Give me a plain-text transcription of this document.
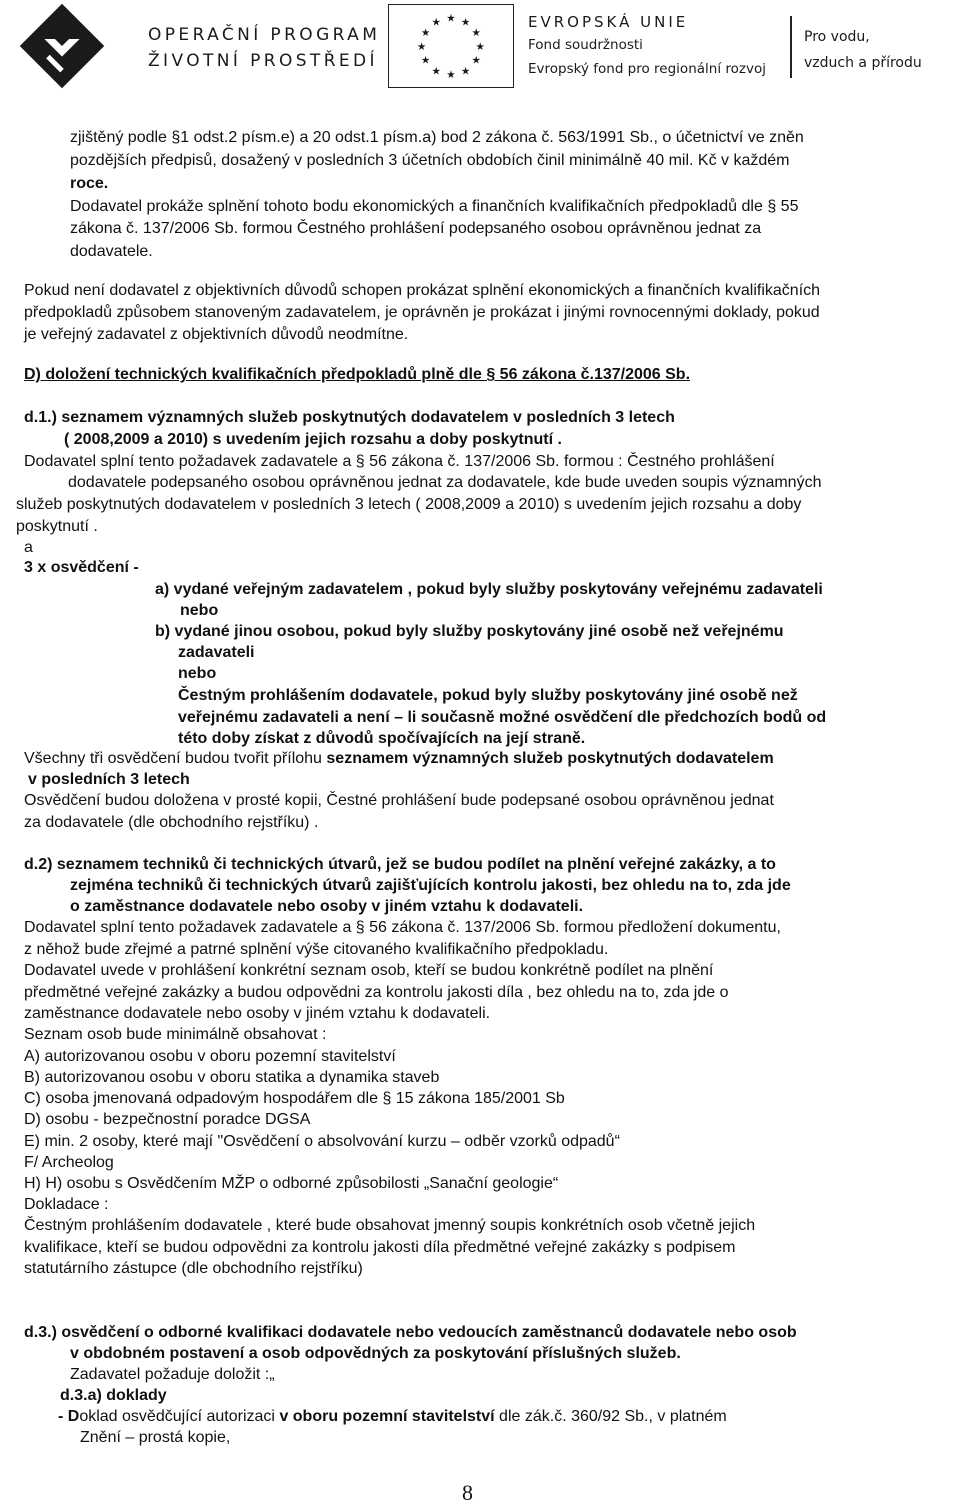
OPERAČNÍ PROGRAM
ŽIVOTNÍ PROSTŘEDÍ
★ ★
★
★
★
★
★
★
★
★
★
★	EVROPSKÁ UNIE
Fond soudržnosti
Evropský fond pro regionální rozvoj
Pro vodu,
vzduch a přírodu
zjištěný podle §1 odst.2 písm.e) a 20 odst.1 písm.a) bod 2 zákona č. 563/1991 Sb., o účetnictví ve zněn
pozdějších předpisů, dosažený v posledních 3 účetních obdobích činil minimálně 40 mil. Kč v každém
roce.
Dodavatel prokáže splnění tohoto bodu ekonomických a finančních kvalifikačních předpokladů dle § 55
zákona č. 137/2006 Sb. formou Čestného prohlášení podepsaného osobou oprávněnou jednat za
dodavatele.
Pokud není dodavatel z objektivních důvodů schopen prokázat splnění ekonomických a finančních kvalifikačních
předpokladů způsobem stanoveným zadavatelem, je oprávněn je prokázat i jinými rovnocennými doklady, pokud
je veřejný zadavatel z objektivních důvodů neodmítne.
D) doložení technických kvalifikačních předpokladů plně dle § 56 zákona č.137/2006 Sb.
d.1.) seznamem významných služeb poskytnutých dodavatelem v posledních 3 letech
( 2008,2009 a 2010) s uvedením jejich rozsahu a doby poskytnutí .
Dodavatel splní tento požadavek zadavatele a § 56 zákona č. 137/2006 Sb. formou : Čestného prohlášení
dodavatele podepsaného osobou oprávněnou jednat za dodavatele, kde bude uveden soupis významných
služeb poskytnutých dodavatelem v posledních 3 letech ( 2008,2009 a 2010) s uvedením jejich rozsahu a doby
poskytnutí .
a
3 x osvědčení -
a) vydané veřejným zadavatelem , pokud byly služby poskytovány veřejnému zadavateli
nebo
b) vydané jinou osobou, pokud byly služby poskytovány jiné osobě než veřejnému
zadavateli
nebo
Čestným prohlášením dodavatele, pokud byly služby poskytovány jiné osobě než
veřejnému zadavateli a není – li současně možné osvědčení dle předchozích bodů od
této doby získat z důvodů spočívajících na její straně.
Všechny tři osvědčení budou tvořit přílohu seznamem významných služeb poskytnutých dodavatelem
v posledních 3 letech
Osvědčení budou doložena v prosté kopii, Čestné prohlášení bude podepsané osobou oprávněnou jednat
za dodavatele (dle obchodního rejstříku) .
d.2) seznamem techniků či technických útvarů, jež se budou podílet na plnění veřejné zakázky, a to
zejména techniků či technických útvarů zajišťujících kontrolu jakosti, bez ohledu na to, zda jde
o zaměstnance dodavatele nebo osoby v jiném vztahu k dodavateli.
Dodavatel splní tento požadavek zadavatele a § 56 zákona č. 137/2006 Sb. formou předložení dokumentu,
z něhož bude zřejmé a patrné splnění výše citovaného kvalifikačního předpokladu.
Dodavatel uvede v prohlášení konkrétní seznam osob, kteří se budou konkrétně podílet na plnění
předmětné veřejné zakázky a budou odpovědni za kontrolu jakosti díla , bez ohledu na to, zda jde o
zaměstnance dodavatele nebo osoby v jiném vztahu k dodavateli.
Seznam osob bude minimálně obsahovat :
A) autorizovanou osobu v oboru pozemní stavitelství
B) autorizovanou osobu v oboru statika a dynamika staveb
C) osoba jmenovaná odpadovým hospodářem dle § 15 zákona 185/2001 Sb
D) osobu - bezpečnostní poradce DGSA
E) min. 2 osoby, které mají "Osvědčení o absolvování kurzu – odběr vzorků odpadů“
F/ Archeolog
H) H) osobu s Osvědčením MŽP o odborné způsobilosti „Sanační geologie“
Dokladace :
Čestným prohlášením dodavatele , které bude obsahovat jmenný soupis konkrétních osob včetně jejich
kvalifikace, kteří se budou odpovědni za kontrolu jakosti díla předmětné veřejné zakázky s podpisem
statutárního zástupce (dle obchodního rejstříku)
d.3.) osvědčení o odborné kvalifikaci dodavatele nebo vedoucích zaměstnanců dodavatele nebo osob
v obdobném postavení a osob odpovědných za poskytování příslušných služeb.
Zadavatel požaduje doložit :„
d.3.a) doklady
- Doklad osvědčující autorizaci v oboru pozemní stavitelství dle zák.č. 360/92 Sb., v platném
Znění – prostá kopie,
8
